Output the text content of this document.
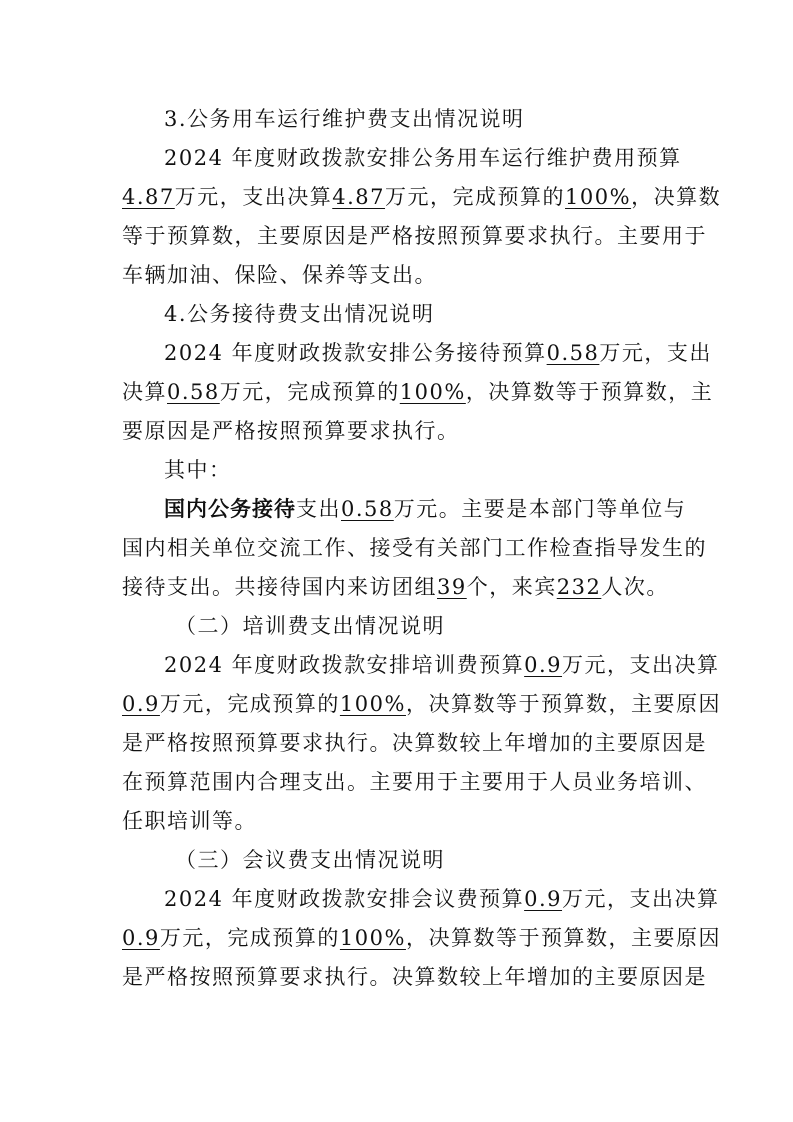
3.公务用车运行维护费支出情况说明
2024 年度财政拨款安排公务用车运行维护费用预算
4.87万元，支出决算4.87万元，完成预算的100%，决算数
等于预算数，主要原因是严格按照预算要求执行。主要用于
车辆加油、保险、保养等支出。
4.公务接待费支出情况说明
2024 年度财政拨款安排公务接待预算0.58万元，支出
决算0.58万元，完成预算的100%，决算数等于预算数，主
要原因是严格按照预算要求执行。
其中：
国内公务接待支出0.58万元。主要是本部门等单位与
国内相关单位交流工作、接受有关部门工作检查指导发生的
接待支出。共接待国内来访团组39个，来宾232人次。
（二）培训费支出情况说明
2024 年度财政拨款安排培训费预算0.9万元，支出决算
0.9万元，完成预算的100%，决算数等于预算数，主要原因
是严格按照预算要求执行。决算数较上年增加的主要原因是
在预算范围内合理支出。主要用于主要用于人员业务培训、
任职培训等。
（三）会议费支出情况说明
2024 年度财政拨款安排会议费预算0.9万元，支出决算
0.9万元，完成预算的100%，决算数等于预算数，主要原因
是严格按照预算要求执行。决算数较上年增加的主要原因是
